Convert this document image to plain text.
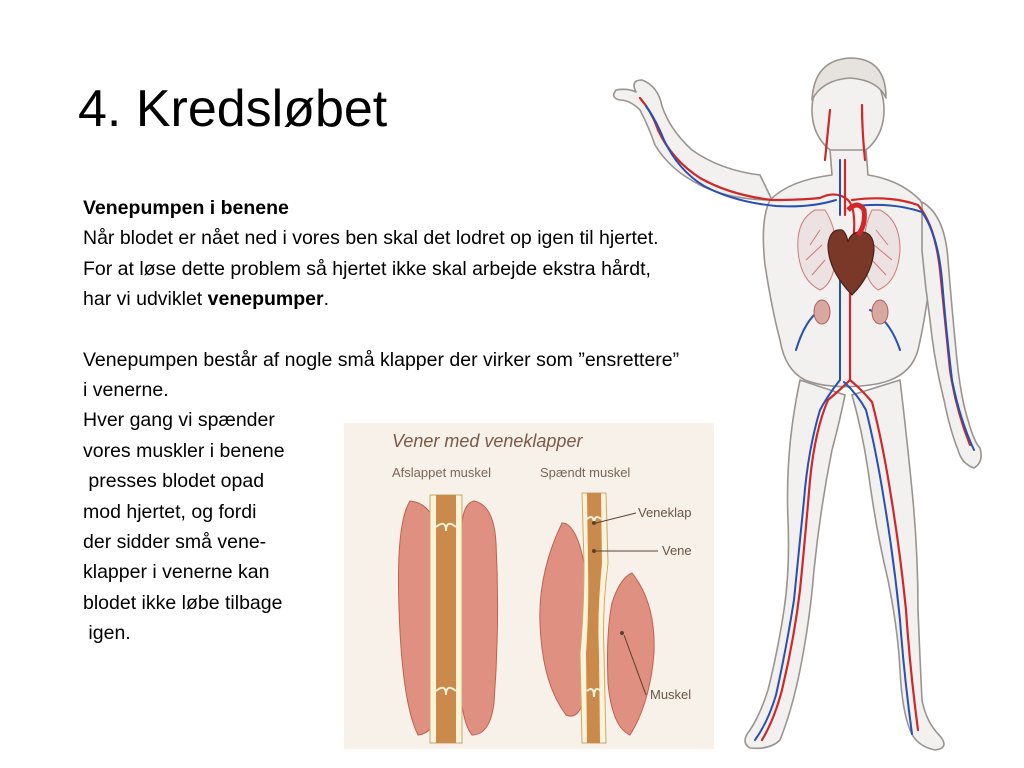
4. Kredsløbet

Venepumpen i benene

Når blodet er nået ned i vores ben skal det lodret op igen til hjertet.

For at løse dette problem så hjertet ikke skal arbejde ekstra hårdt, har vi udviklet venepumper.

Venepumpen består af nogle små klapper der virker som ”ensrettere” i venerne.

Hver gang vi spænder

vores muskler i benene

presses blodet opad

mod hjertet, og fordi

der sidder små vene-

klapper i venerne kan

blodet ikke løbe tilbage

igen.

Vener med veneklapper
Afslappet muskel	Spændt muskel
Veneklap
Vene
Muskel
